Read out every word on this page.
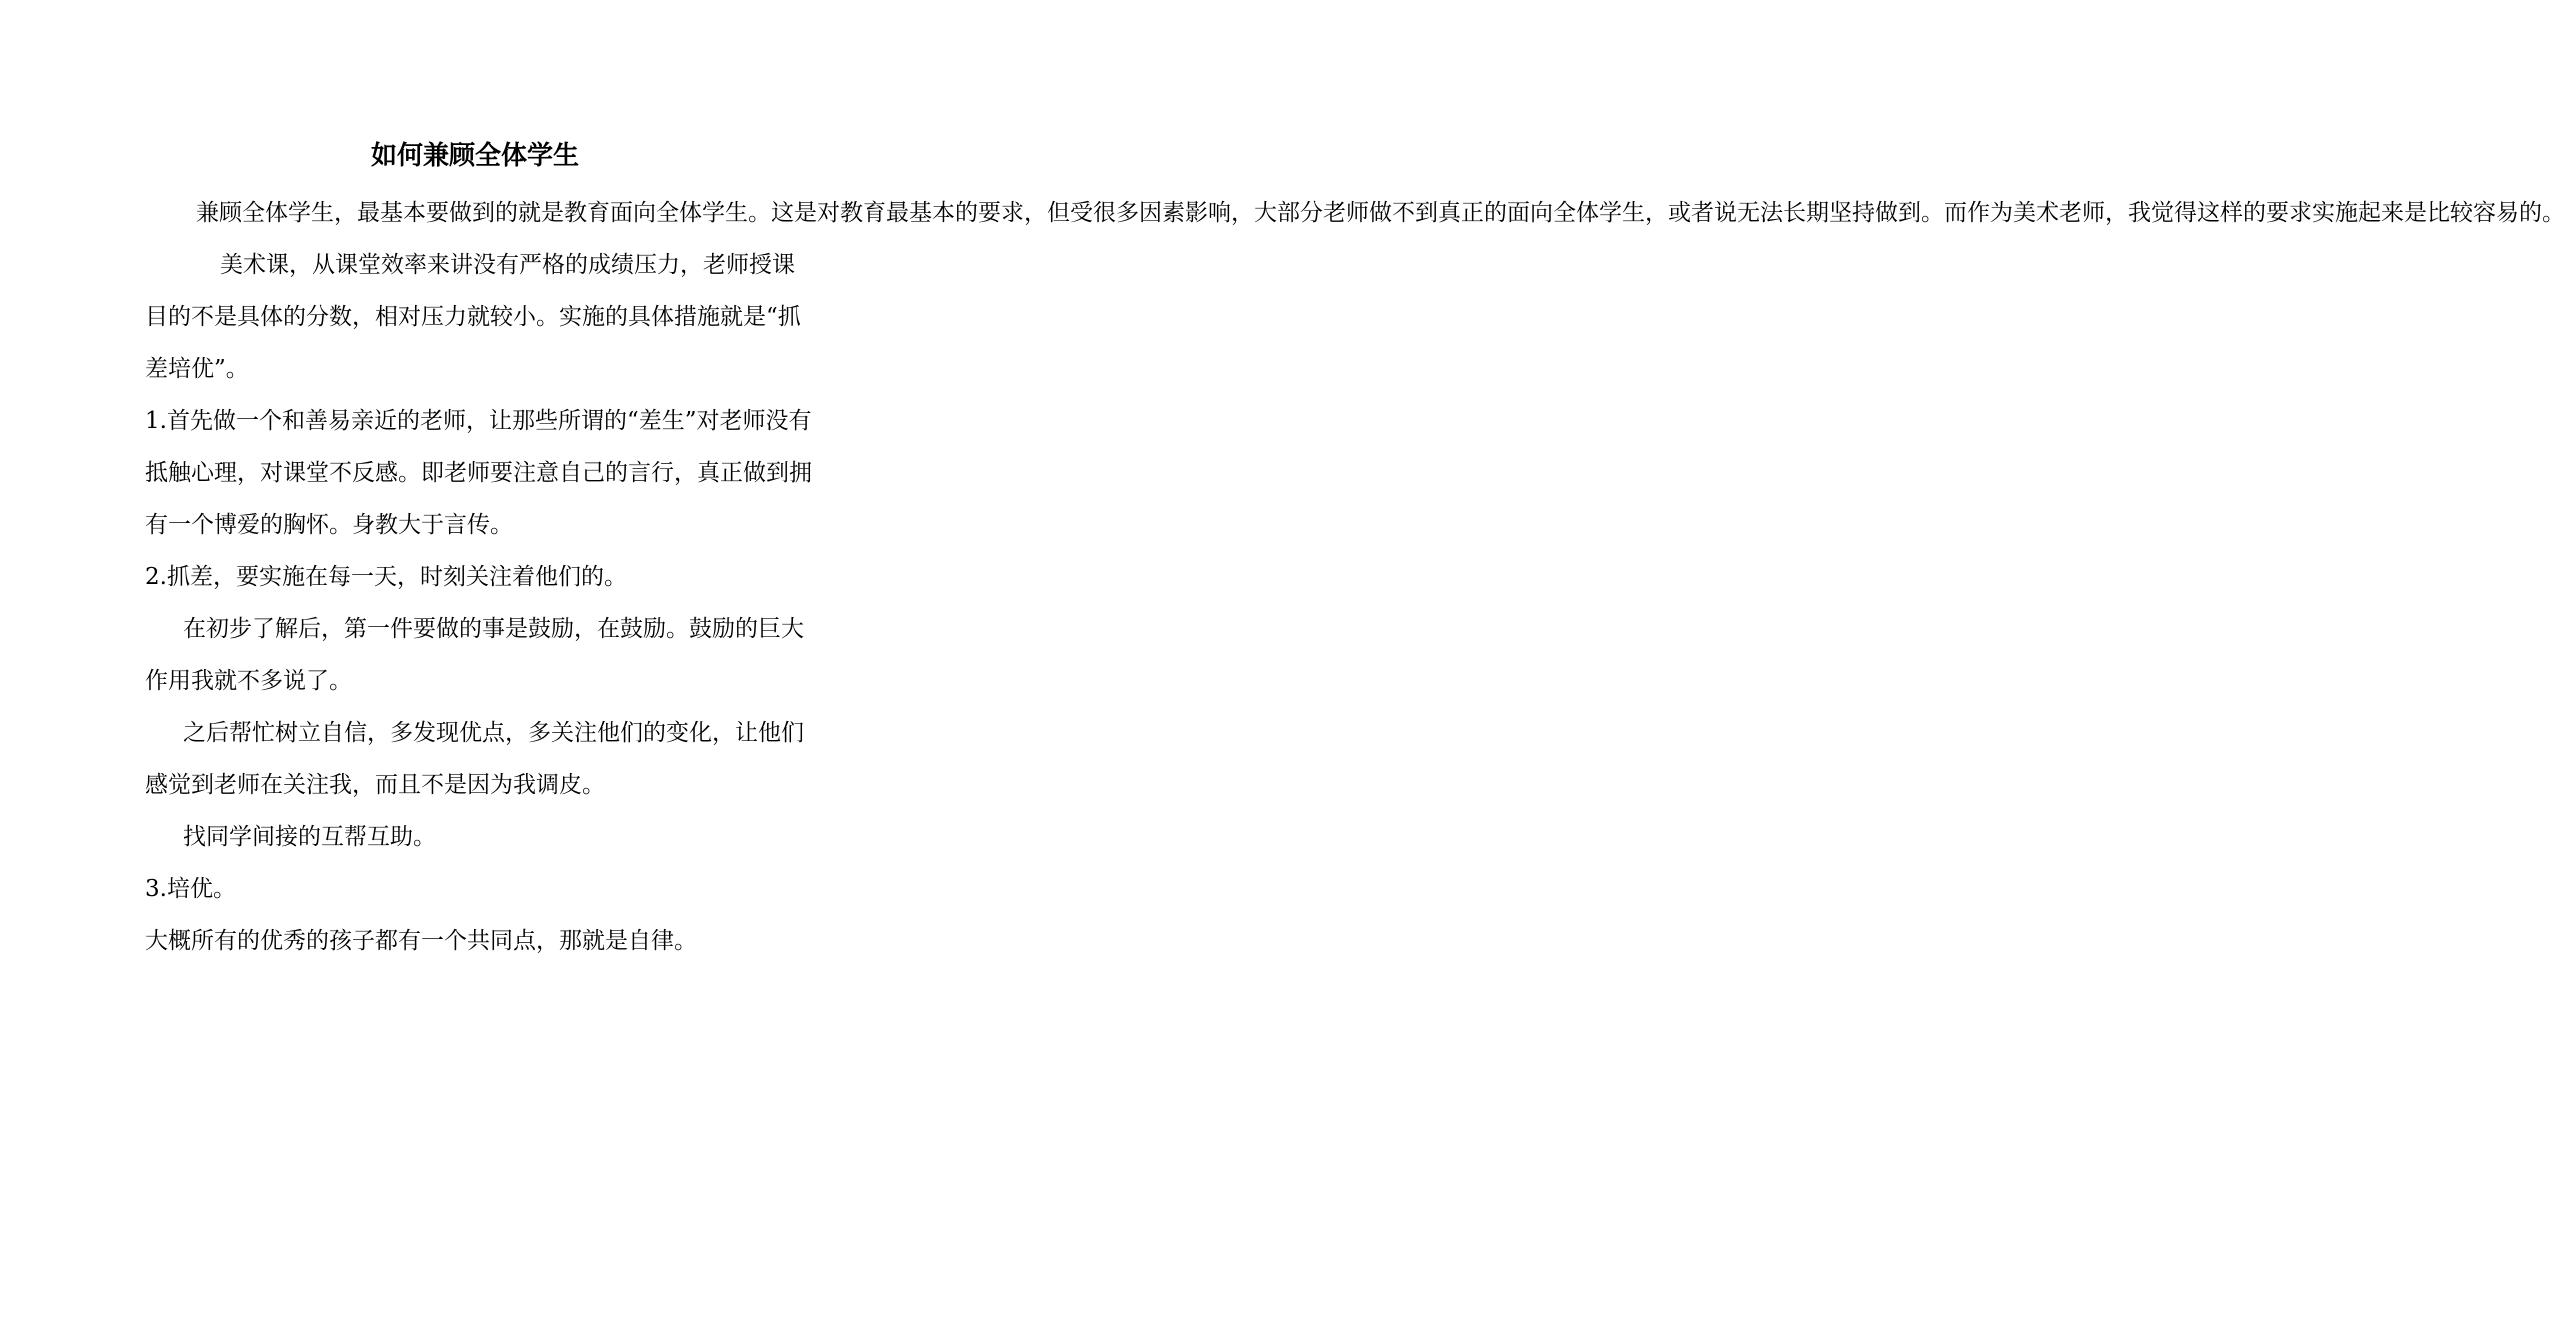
如何兼顾全体学生

兼顾全体学生，最基本要做到的就是教育面向全体学生。这是对教育最基本的要求，但受很多因素影响，大部分老师做不到真正的面向全体学生，或者说无法长期坚持做到。而作为美术老师，我觉得这样的要求实施起来是比较容易的。

美术课，从课堂效率来讲没有严格的成绩压力，老师授课目的不是具体的分数，相对压力就较小。实施的具体措施就是“抓差培优”。

1.首先做一个和善易亲近的老师，让那些所谓的“差生”对老师没有抵触心理，对课堂不反感。即老师要注意自己的言行，真正做到拥有一个博爱的胸怀。身教大于言传。

2.抓差，要实施在每一天，时刻关注着他们的。

在初步了解后，第一件要做的事是鼓励，在鼓励。鼓励的巨大作用我就不多说了。

之后帮忙树立自信，多发现优点，多关注他们的变化，让他们感觉到老师在关注我，而且不是因为我调皮。

找同学间接的互帮互助。

3.培优。

大概所有的优秀的孩子都有一个共同点，那就是自律。
